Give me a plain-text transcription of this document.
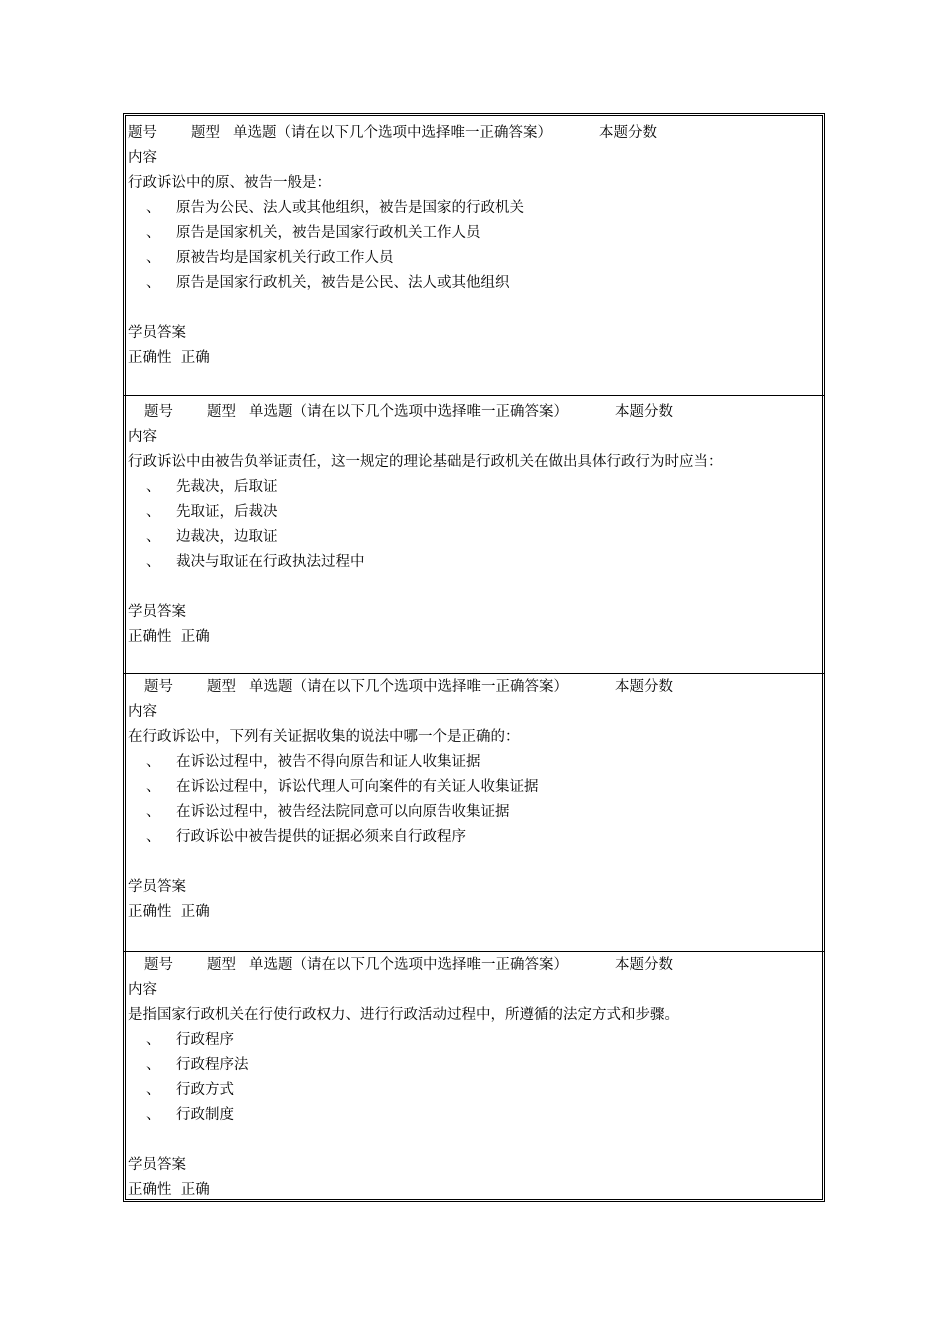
题号 题型 单选题（请在以下几个选项中选择唯一正确答案）	本题分数
内容
行政诉讼中的原、被告一般是：
、 原告为公民、法人或其他组织，被告是国家的行政机关
、 原告是国家机关，被告是国家行政机关工作人员
、 原被告均是国家机关行政工作人员
、 原告是国家行政机关，被告是公民、法人或其他组织
学员答案
正确性 正确
题号 题型 单选题（请在以下几个选项中选择唯一正确答案）	本题分数
内容
行政诉讼中由被告负举证责任，这一规定的理论基础是行政机关在做出具体行政行为时应当：
、 先裁决，后取证
、 先取证，后裁决
、 边裁决，边取证
、 裁决与取证在行政执法过程中
学员答案
正确性 正确
题号 题型 单选题（请在以下几个选项中选择唯一正确答案）	本题分数
内容
在行政诉讼中，下列有关证据收集的说法中哪一个是正确的：
、 在诉讼过程中，被告不得向原告和证人收集证据
、 在诉讼过程中，诉讼代理人可向案件的有关证人收集证据
、 在诉讼过程中，被告经法院同意可以向原告收集证据
、 行政诉讼中被告提供的证据必须来自行政程序
学员答案
正确性 正确
题号 题型 单选题（请在以下几个选项中选择唯一正确答案）	本题分数
内容
是指国家行政机关在行使行政权力、进行行政活动过程中，所遵循的法定方式和步骤。
、 行政程序
、 行政程序法
、 行政方式
、 行政制度
学员答案
正确性 正确
